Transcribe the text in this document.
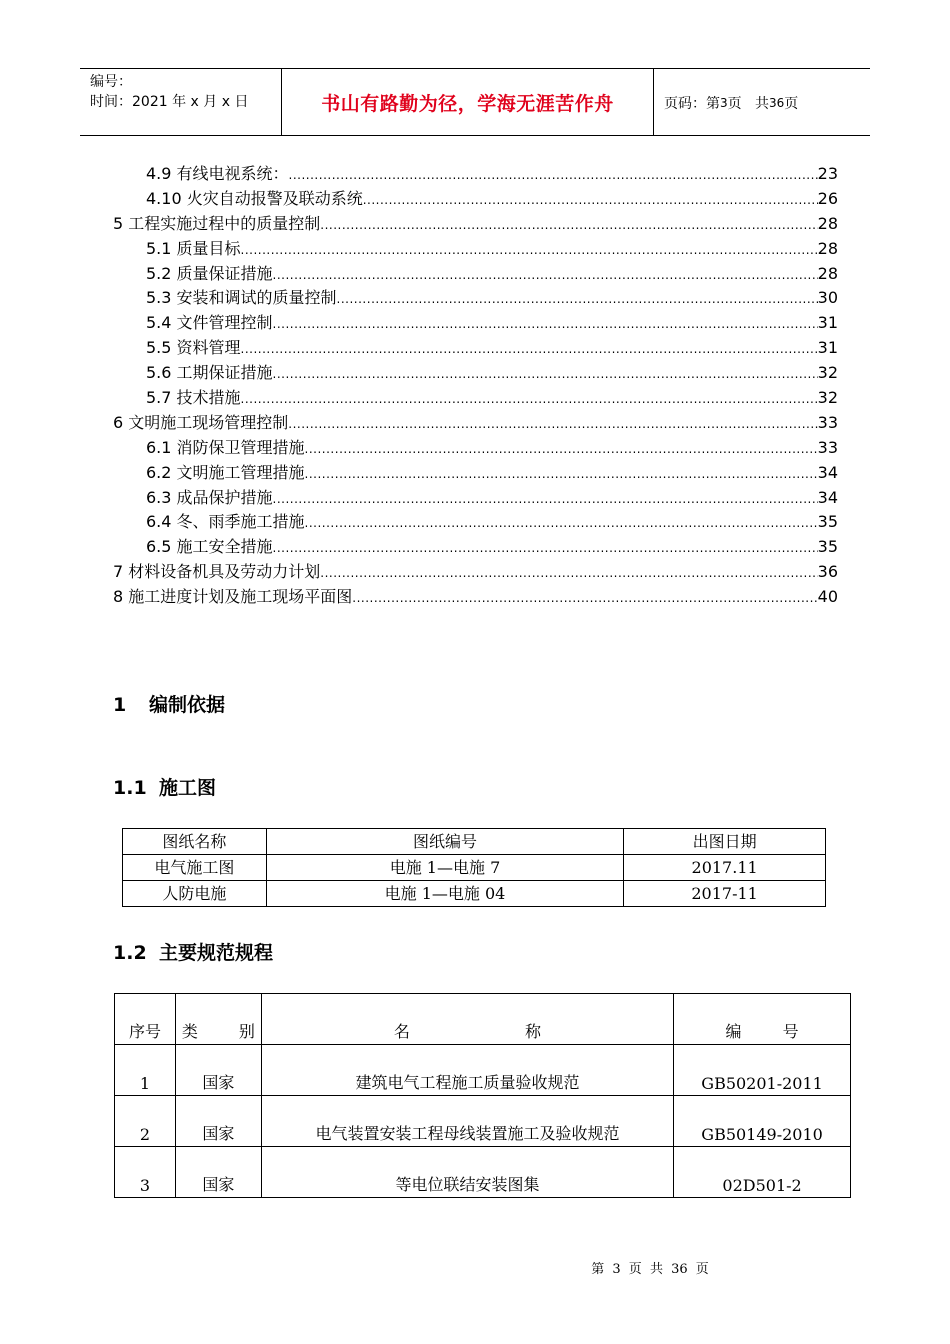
编号：
时间：2021 年 x 月 x 日	书山有路勤为径，学海无涯苦作舟	页码：第 3 页   共 36 页
4.9 有线电视系统： .....	23
4.10 火灾自动报警及联动系统 .....	26
5 工程实施过程中的质量控制 .....	28
5.1 质量目标 .....	28
5.2 质量保证措施 .....	28
5.3 安装和调试的质量控制 .....	30
5.4 文件管理控制 .....	31
5.5 资料管理 .....	31
5.6 工期保证措施 .....	32
5.7 技术措施 .....	32
6 文明施工现场管理控制 .....	33
6.1 消防保卫管理措施 .....	33
6.2 文明施工管理措施 .....	34
6.3 成品保护措施 .....	34
6.4 冬、雨季施工措施 .....	35
6.5 施工安全措施 .....	35
7 材料设备机具及劳动力计划 .....	36
8 施工进度计划及施工现场平面图 .....	40
1 编制依据
1.1 施工图
图纸名称	图纸编号	出图日期
电气施工图	电施 1—电施 7	2017.11
人防电施	电施 1—电施 04	2017-11
1.2 主要规范规程
序号	类 别	名 称	编 号
1	国家	建筑电气工程施工质量验收规范	GB50201-2011
2	国家	电气装置安装工程母线装置施工及验收规范	GB50149-2010
3	国家	等电位联结安装图集	02D501-2
第 3 页 共 36 页
